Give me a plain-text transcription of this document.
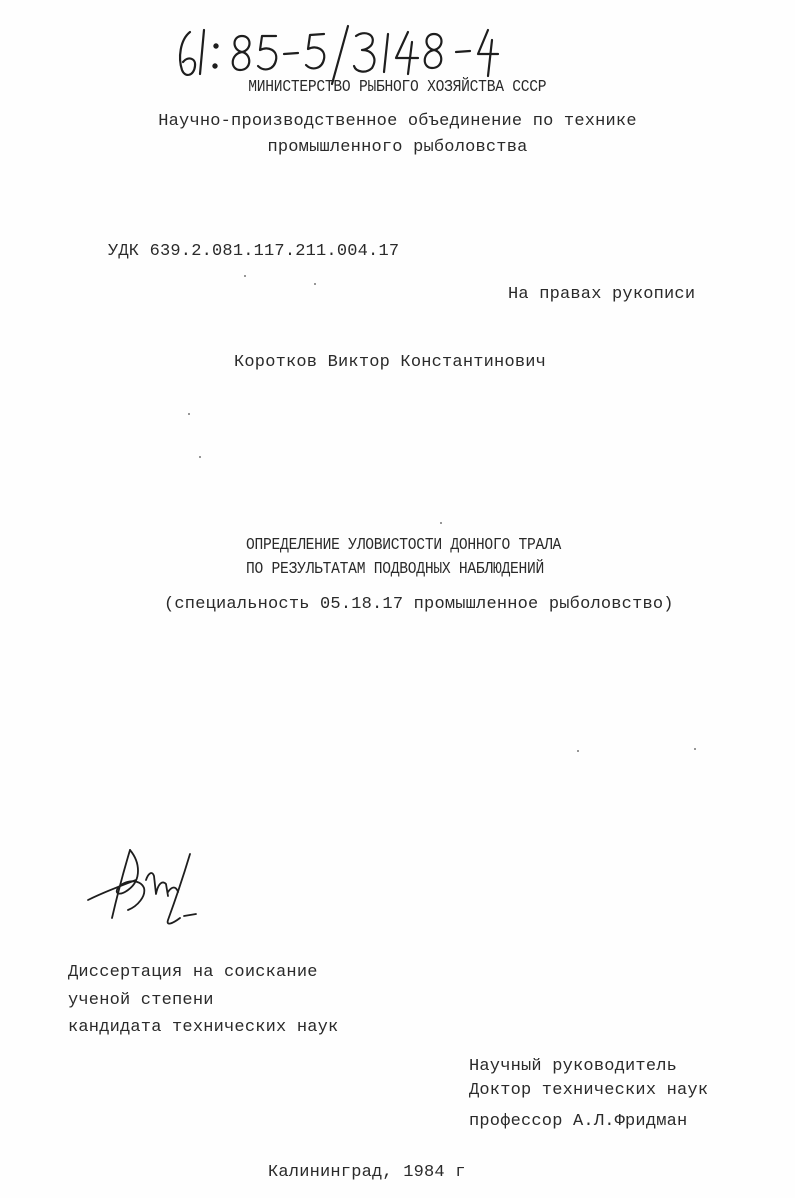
МИНИСТЕРСТВО РЫБНОГО ХОЗЯЙСТВА СССР
Научно-производственное объединение по технике
промышленного рыболовства
УДК 639.2.081.117.211.004.17
На правах рукописи
Коротков Виктор Константинович
ОПРЕДЕЛЕНИЕ УЛОВИСТОСТИ ДОННОГО ТРАЛА
ПО РЕЗУЛЬТАТАМ ПОДВОДНЫХ НАБЛЮДЕНИЙ
(специальность 05.18.17 промышленное рыболовство)
Диссертация на соискание
ученой степени
кандидата технических наук
Научный руководитель
Доктор технических наук
профессор А.Л.Фридман
Калининград, 1984 г
